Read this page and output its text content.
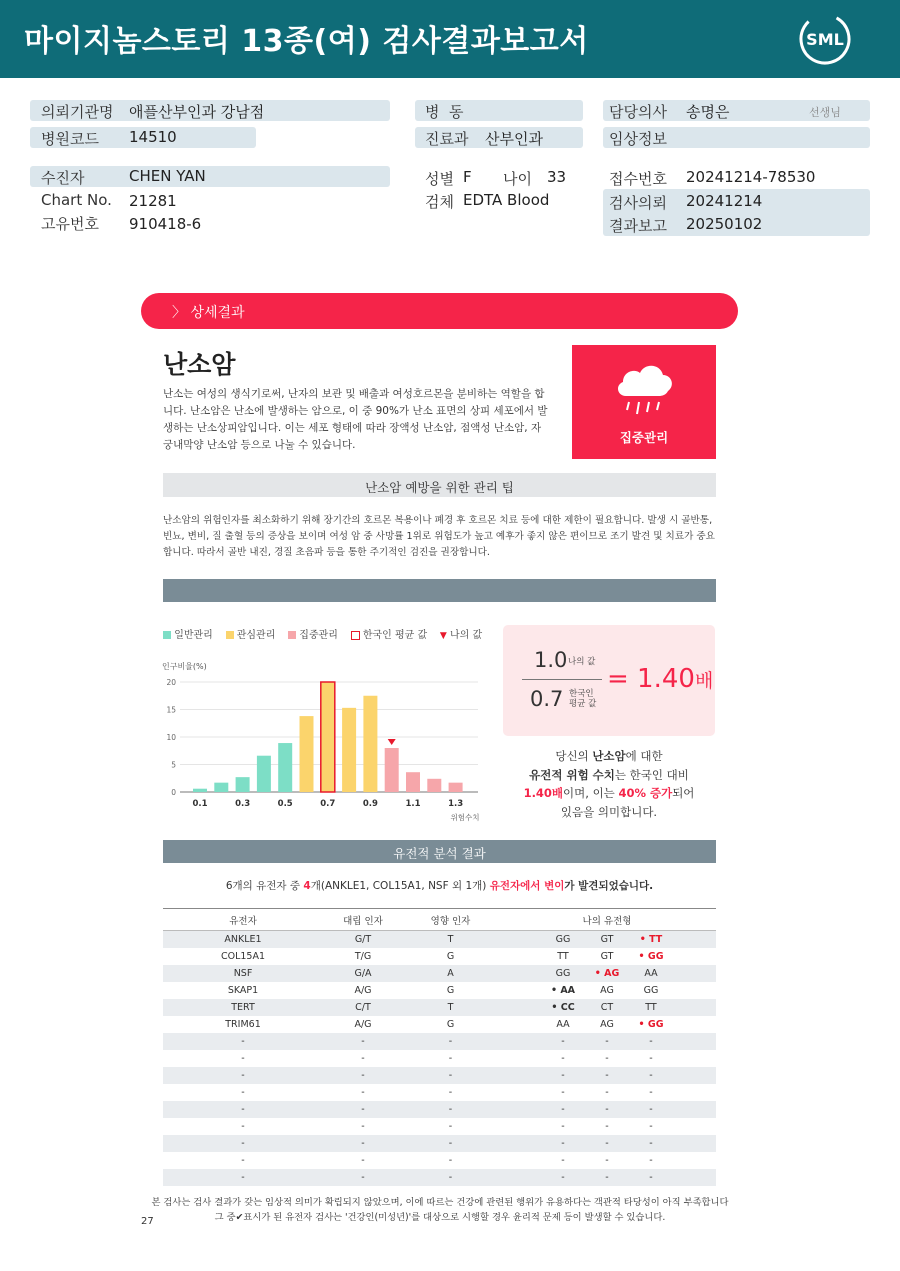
마이지놈스토리 13종(여) 검사결과보고서	SML
의뢰기관명 애플산부인과 강남점
병원코드 14510
수진자	CHEN YAN
Chart No. 21281
고유번호 910418-6
병  동
진료과 산부인과
성별 F 나이 33
검체 EDTA Blood
담당의사 송명은	선생님
임상정보
접수번호 20241214-78530
검사의뢰 20241214
결과보고 20250102
〉 상세결과
난소암
난소는 여성의 생식기로써, 난자의 보관 및 배출과 여성호르몬을 분비하는 역할을 합니다. 난소암은 난소에 발생하는 암으로, 이 중 90%가 난소 표면의 상피 세포에서 발생하는 난소상피암입니다. 이는 세포 형태에 따라 장액성 난소암, 점액성 난소암, 자궁내막양 난소암 등으로 나눌 수 있습니다.	집중관리
난소암 예방을 위한 관리 팁
난소암의 위험인자를 최소화하기 위해 장기간의 호르몬 복용이나 폐경 후 호르몬 치료 등에 대한 제한이 필요합니다. 발생 시 골반통, 빈뇨, 변비, 질 출혈 등의 증상을 보이며 여성 암 중 사망률 1위로 위험도가 높고 예후가 좋지 않은 편이므로 조기 발견 및 치료가 중요합니다. 따라서 골반 내진, 경질 초음파 등을 통한 주기적인 검진을 권장합니다.
일반관리 관심관리 집중관리 한국인 평균 값 ▼ 나의 값
인구비율(%)
0
5
10
15
20
0.1	0.3	0.5	0.7	0.9	1.1	1.3
위험수치
1.0 나의 값
0.7 한국인
평균 값
= 1.40배
당신의 난소암에 대한
유전적 위험 수치는 한국인 대비
1.40배이며, 이는 40% 증가되어
있음을 의미합니다.
유전적 분석 결과
6개의 유전자 중 4개(ANKLE1, COL15A1, NSF 외 1개) 유전자에서 변이가 발견되었습니다.
유전자	대립 인자	영향 인자	나의 유전형
ANKLE1	G/T	T	GG GT • TT
COL15A1	T/G	G	TT GT • GG
NSF	G/A	A	GG • AG AA
SKAP1	A/G	G	• AA AG GG
TERT	C/T	T	• CC CT TT
TRIM61	A/G	G	AA AG • GG
-	-	-	- - -
-	-	-	- - -
-	-	-	- - -
-	-	-	- - -
-	-	-	- - -
-	-	-	- - -
-	-	-	- - -
-	-	-	- - -
-	-	-	- - -
본 검사는 검사 결과가 갖는 임상적 의미가 확립되지 않았으며, 이에 따르는 건강에 관련된 행위가 유용하다는 객관적 타당성이 아직 부족합니다
그 중✔표시가 된 유전자 검사는 '건강인(미성년)'를 대상으로 시행할 경우 윤리적 문제 등이 발생할 수 있습니다.
27
